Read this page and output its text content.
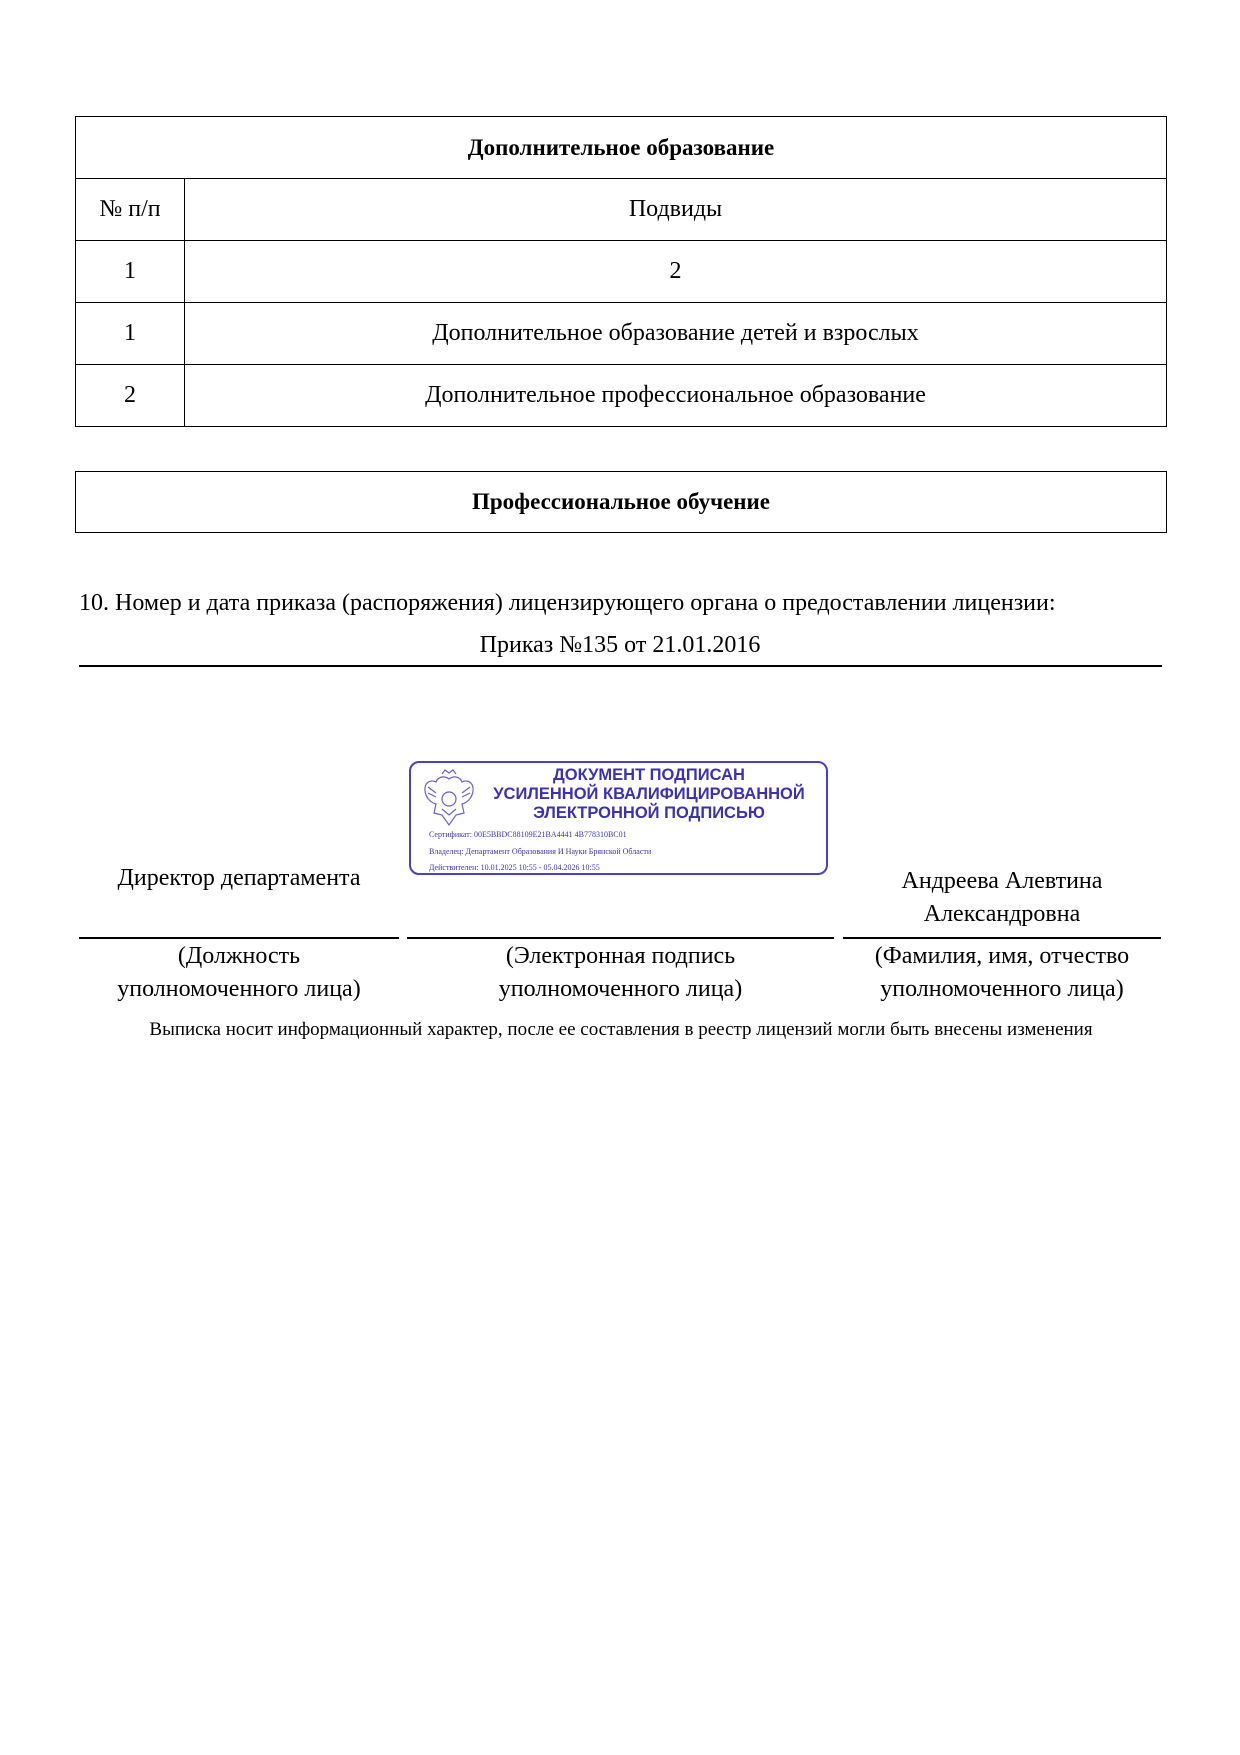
Дополнительное образование	
№ п/п	Подвиды
1	2
1	Дополнительное образование детей и взрослых
2	Дополнительное профессиональное образование
Профессиональное обучение
10. Номер и дата приказа (распоряжения) лицензирующего органа о предоставлении лицензии:
Приказ №135 от 21.01.2016
ДОКУМЕНТ ПОДПИСАН
УСИЛЕННОЙ КВАЛИФИЦИРОВАННОЙ
ЭЛЕКТРОННОЙ ПОДПИСЬЮ
Сертификат: 00E5BBDC88109E21BA4441 4B778310BC01
Владелец: Департамент Образования И Науки Брянской Области
Действителен: 10.01.2025 10:55 - 05.04.2026 10:55
Директор департамента	Андреева Алевтина
Александровна
(Должность
уполномоченного лица)
(Электронная подпись
уполномоченного лица)
(Фамилия, имя, отчество
уполномоченного лица)
Выписка носит информационный характер, после ее составления в реестр лицензий могли быть внесены изменения
